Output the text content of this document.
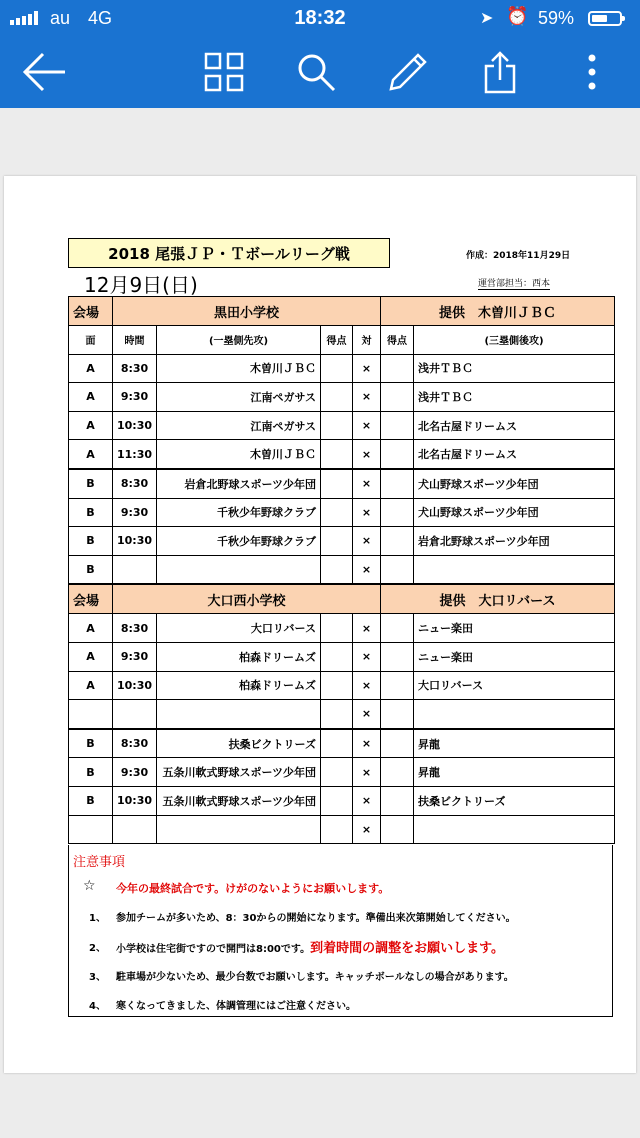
au 4G	18:32	➤ ⏰ 59%
2018 尾張ＪＰ・Ｔボールリーグ戦	作成：2018年11月29日
12月9日(日)	運営部担当：西本
会場	黒田小学校				提供　木曽川ＪＢＣ	
面	時間	(一塁側先攻)	得点	対	得点	(三塁側後攻)
A	8:30	木曽川ＪＢＣ		×		浅井ＴＢＣ
A	9:30	江南ペガサス		×		浅井ＴＢＣ
A	10:30	江南ペガサス		×		北名古屋ドリームス
A	11:30	木曽川ＪＢＣ		×		北名古屋ドリームス
B	8:30	岩倉北野球スポーツ少年団		×		犬山野球スポーツ少年団
B	9:30	千秋少年野球クラブ		×		犬山野球スポーツ少年団
B	10:30	千秋少年野球クラブ		×		岩倉北野球スポーツ少年団
B				×		
会場	大口西小学校				提供　大口リバース	
A	8:30	大口リバース		×		ニュー楽田
A	9:30	柏森ドリームズ		×		ニュー楽田
A	10:30	柏森ドリームズ		×		大口リバース
				×		
B	8:30	扶桑ビクトリーズ		×		昇龍
B	9:30	五条川軟式野球スポーツ少年団		×		昇龍
B	10:30	五条川軟式野球スポーツ少年団		×		扶桑ビクトリーズ
				×		
注意事項
☆ 今年の最終試合です。けがのないようにお願いします。
1、 参加チームが多いため、8：30からの開始になります。準備出来次第開始してください。
2、 小学校は住宅街ですので開門は8:00です。到着時間の調整をお願いします。
3、 駐車場が少ないため、最少台数でお願いします。キャッチボールなしの場合があります。
4、 寒くなってきました、体調管理にはご注意ください。
